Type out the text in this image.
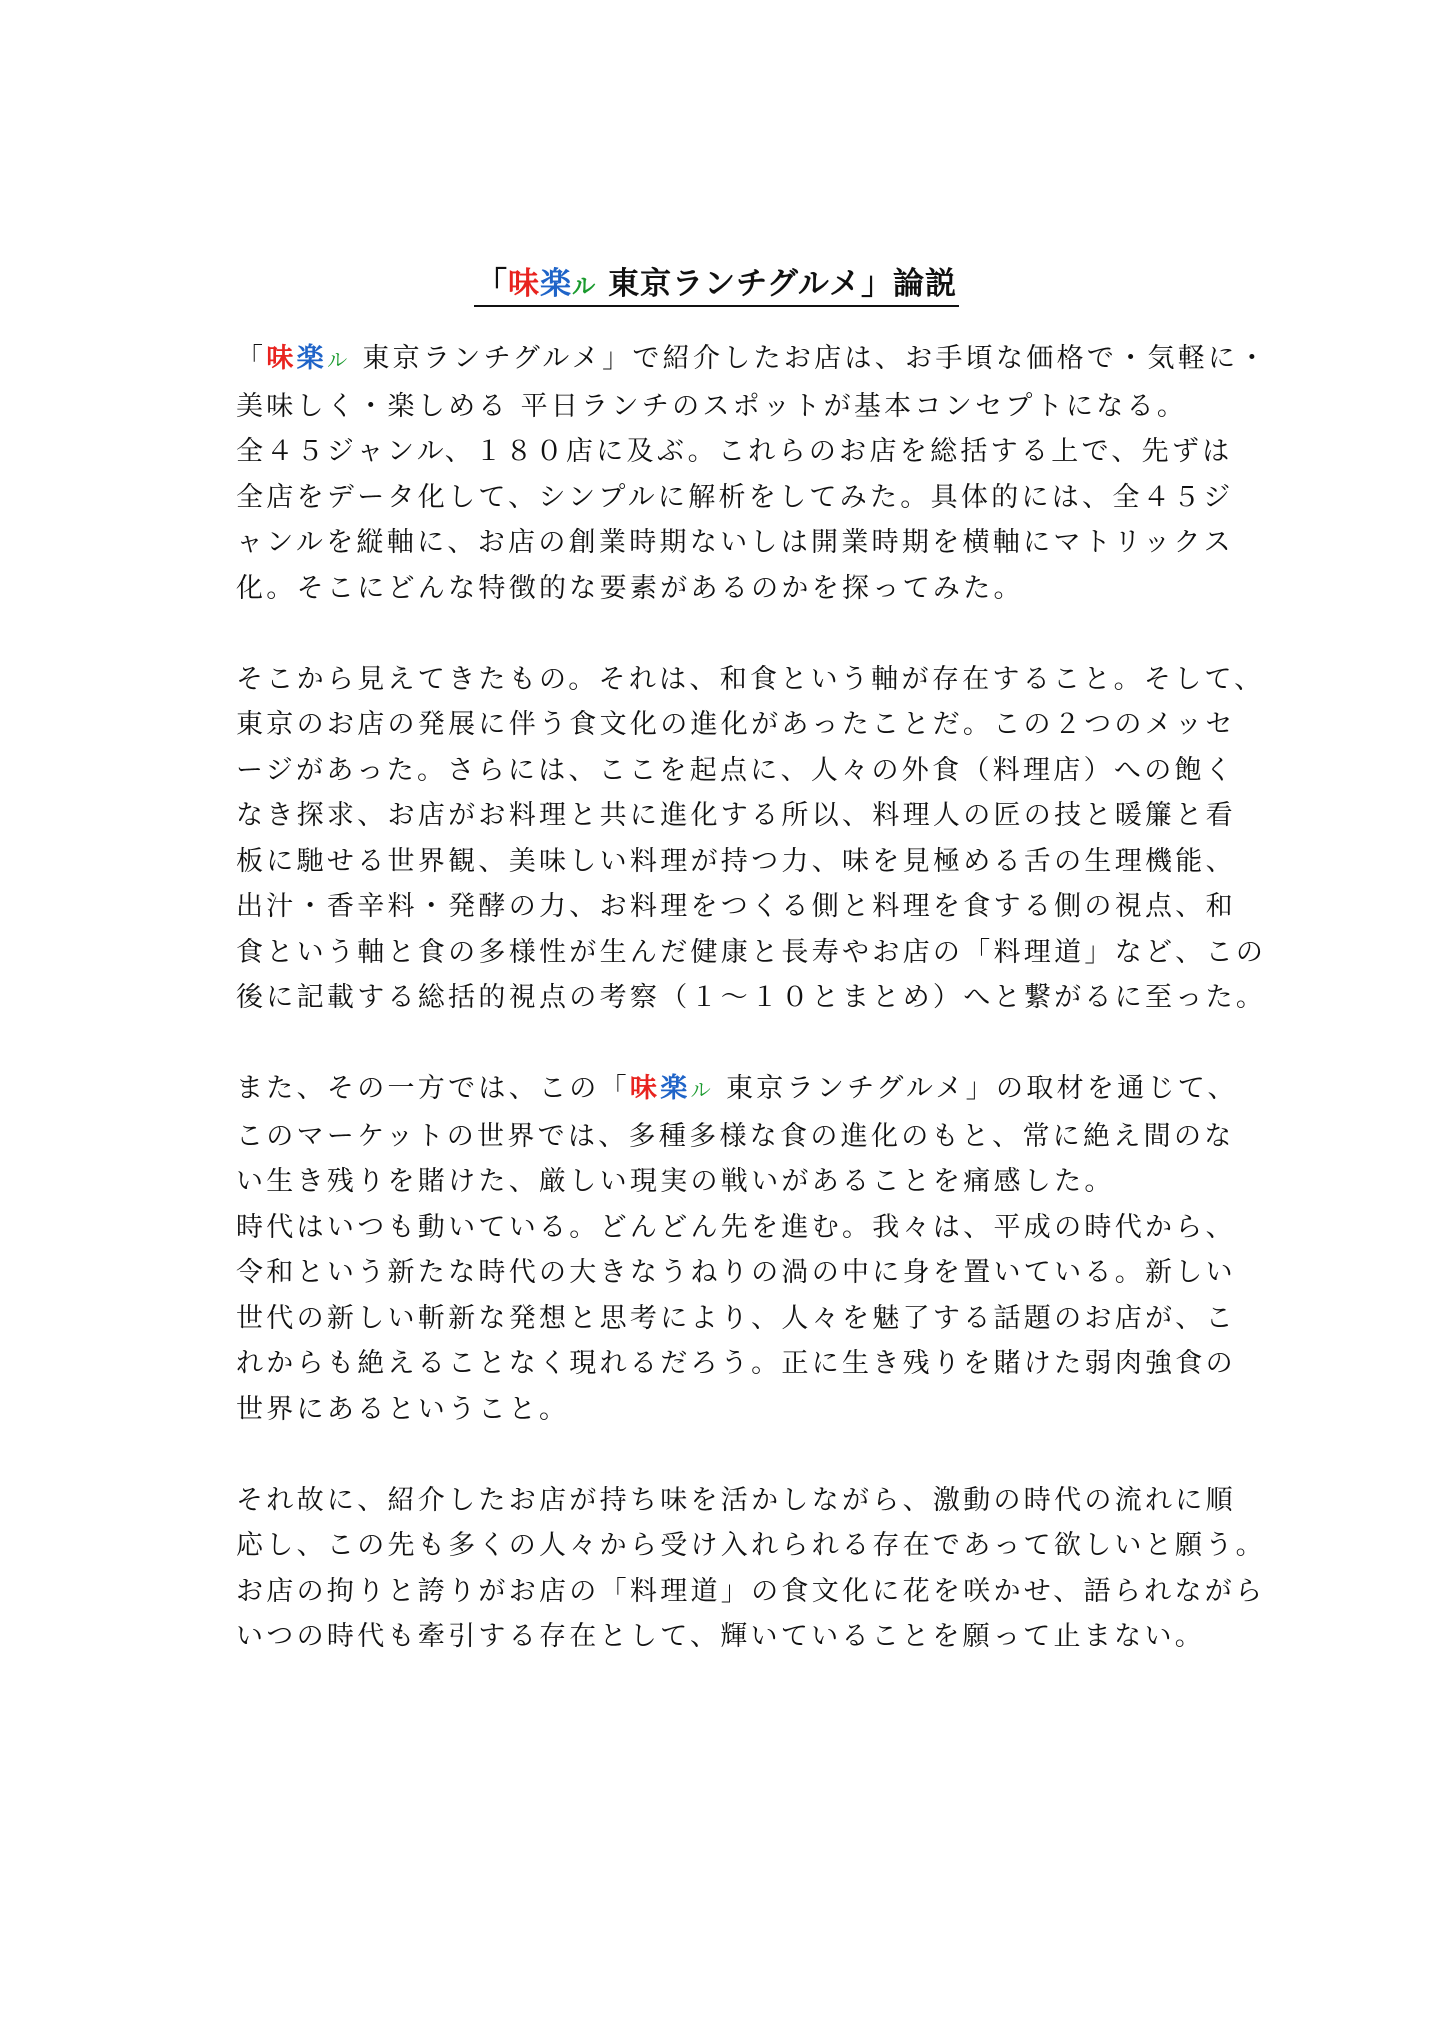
「味楽ル 東京ランチグルメ」論説
「味楽ル 東京ランチグルメ」で紹介したお店は、お手頃な価格で・気軽に・
美味しく・楽しめる 平日ランチのスポットが基本コンセプトになる。
全４５ジャンル、１８０店に及ぶ。これらのお店を総括する上で、先ずは
全店をデータ化して、シンプルに解析をしてみた。具体的には、全４５ジ
ャンルを縦軸に、お店の創業時期ないしは開業時期を横軸にマトリックス
化。そこにどんな特徴的な要素があるのかを探ってみた。
そこから見えてきたもの。それは、和食という軸が存在すること。そして、
東京のお店の発展に伴う食文化の進化があったことだ。この２つのメッセ
ージがあった。さらには、ここを起点に、人々の外食（料理店）への飽く
なき探求、お店がお料理と共に進化する所以、料理人の匠の技と暖簾と看
板に馳せる世界観、美味しい料理が持つ力、味を見極める舌の生理機能、
出汁・香辛料・発酵の力、お料理をつくる側と料理を食する側の視点、和
食という軸と食の多様性が生んだ健康と長寿やお店の「料理道」など、この
後に記載する総括的視点の考察（１～１０とまとめ）へと繋がるに至った。
また、その一方では、この「味楽ル 東京ランチグルメ」の取材を通じて、
このマーケットの世界では、多種多様な食の進化のもと、常に絶え間のな
い生き残りを賭けた、厳しい現実の戦いがあることを痛感した。
時代はいつも動いている。どんどん先を進む。我々は、平成の時代から、
令和という新たな時代の大きなうねりの渦の中に身を置いている。新しい
世代の新しい斬新な発想と思考により、人々を魅了する話題のお店が、こ
れからも絶えることなく現れるだろう。正に生き残りを賭けた弱肉強食の
世界にあるということ。
それ故に、紹介したお店が持ち味を活かしながら、激動の時代の流れに順
応し、この先も多くの人々から受け入れられる存在であって欲しいと願う。
お店の拘りと誇りがお店の「料理道」の食文化に花を咲かせ、語られながら
いつの時代も牽引する存在として、輝いていることを願って止まない。
